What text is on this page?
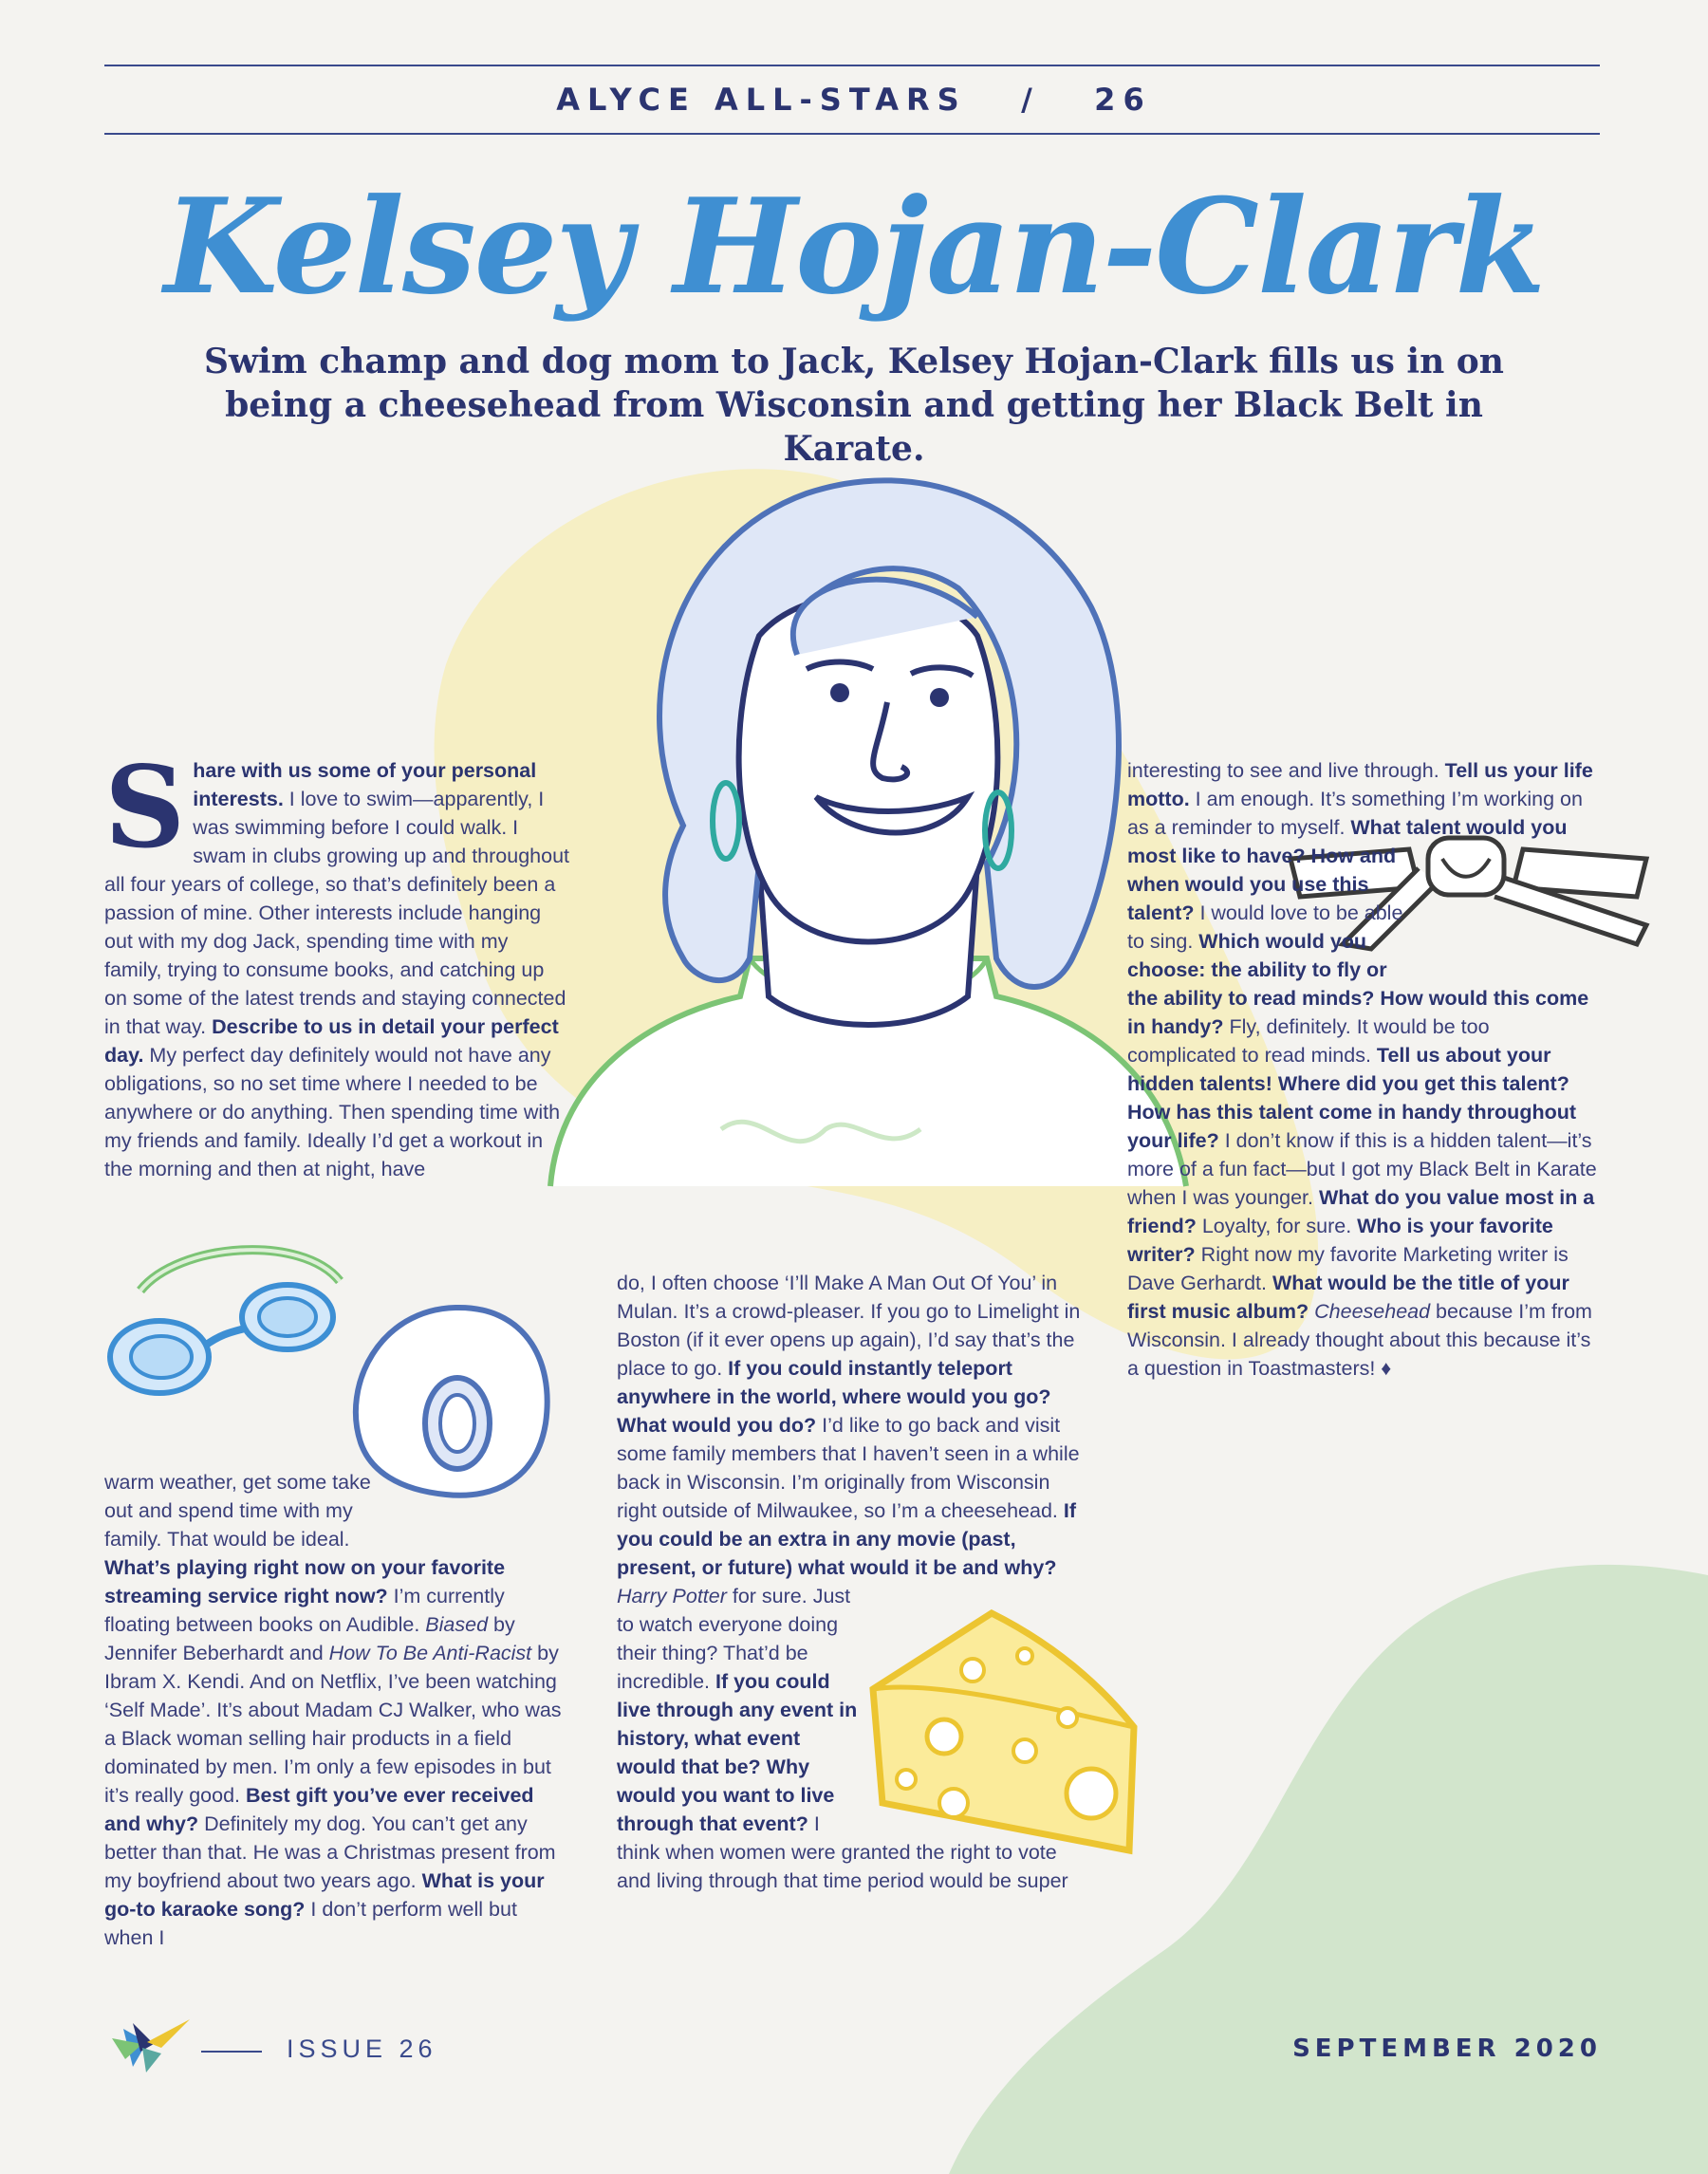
ALYCE ALL-STARS / 26
Kelsey Hojan-Clark
Swim champ and dog mom to Jack, Kelsey Hojan-Clark fills us in on being a cheesehead from Wisconsin and getting her Black Belt in Karate.
S hare with us some of your personal interests. I love to swim—apparently, I was swimming before I could walk. I swam in clubs growing up and throughout all four years of college, so that’s definitely been a passion of mine. Other interests include hanging out with my dog Jack, spending time with my family, trying to consume books, and catching up on some of the latest trends and staying connected in that way. Describe to us in detail your perfect day. My perfect day definitely would not have any obligations, so no set time where I needed to be anywhere or do anything. Then spending time with my friends and family. Ideally I’d get a workout in the morning and then at night, have
warm weather, get some take out and spend time with my family. That would be ideal. What’s playing right now on your favorite streaming service right now? I’m currently floating between books on Audible. Biased by Jennifer Beberhardt and How To Be Anti-Racist by Ibram X. Kendi. And on Netflix, I’ve been watching ‘Self Made’. It’s about Madam CJ Walker, who was a Black woman selling hair products in a field dominated by men. I’m only a few episodes in but it’s really good. Best gift you’ve ever received and why? Definitely my dog. You can’t get any better than that. He was a Christmas present from my boyfriend about two years ago. What is your go-to karaoke song? I don’t perform well but when I
do, I often choose ‘I’ll Make A Man Out Of You’ in Mulan. It’s a crowd-pleaser. If you go to Limelight in Boston (if it ever opens up again), I’d say that’s the place to go. If you could instantly teleport anywhere in the world, where would you go? What would you do? I’d like to go back and visit some family members that I haven’t seen in a while back in Wisconsin. I’m originally from Wisconsin right outside of Milwaukee, so I’m a cheesehead. If you could be an extra in any movie (past, present, or future) what would it be and why? Harry Potter for sure. Just to watch everyone doing their thing? That’d be incredible. If you could live through any event in history, what event would that be? Why would you want to live through that event? I think when women were granted the right to vote and living through that time period would be super
interesting to see and live through. Tell us your life motto. I am enough. It’s something I’m working on as a reminder to myself. What talent would you most like to have? How and when would you use this talent? I would love to be able to sing. Which would you choose: the ability to fly or the ability to read minds? How would this come in handy? Fly, definitely. It would be too complicated to read minds. Tell us about your hidden talents! Where did you get this talent? How has this talent come in handy throughout your life? I don’t know if this is a hidden talent—it’s more of a fun fact—but I got my Black Belt in Karate when I was younger. What do you value most in a friend? Loyalty, for sure. Who is your favorite writer? Right now my favorite Marketing writer is Dave Gerhardt. What would be the title of your first music album? Cheesehead because I’m from Wisconsin. I already thought about this because it’s a question in Toastmasters! ♦
ISSUE 26	SEPTEMBER 2020
